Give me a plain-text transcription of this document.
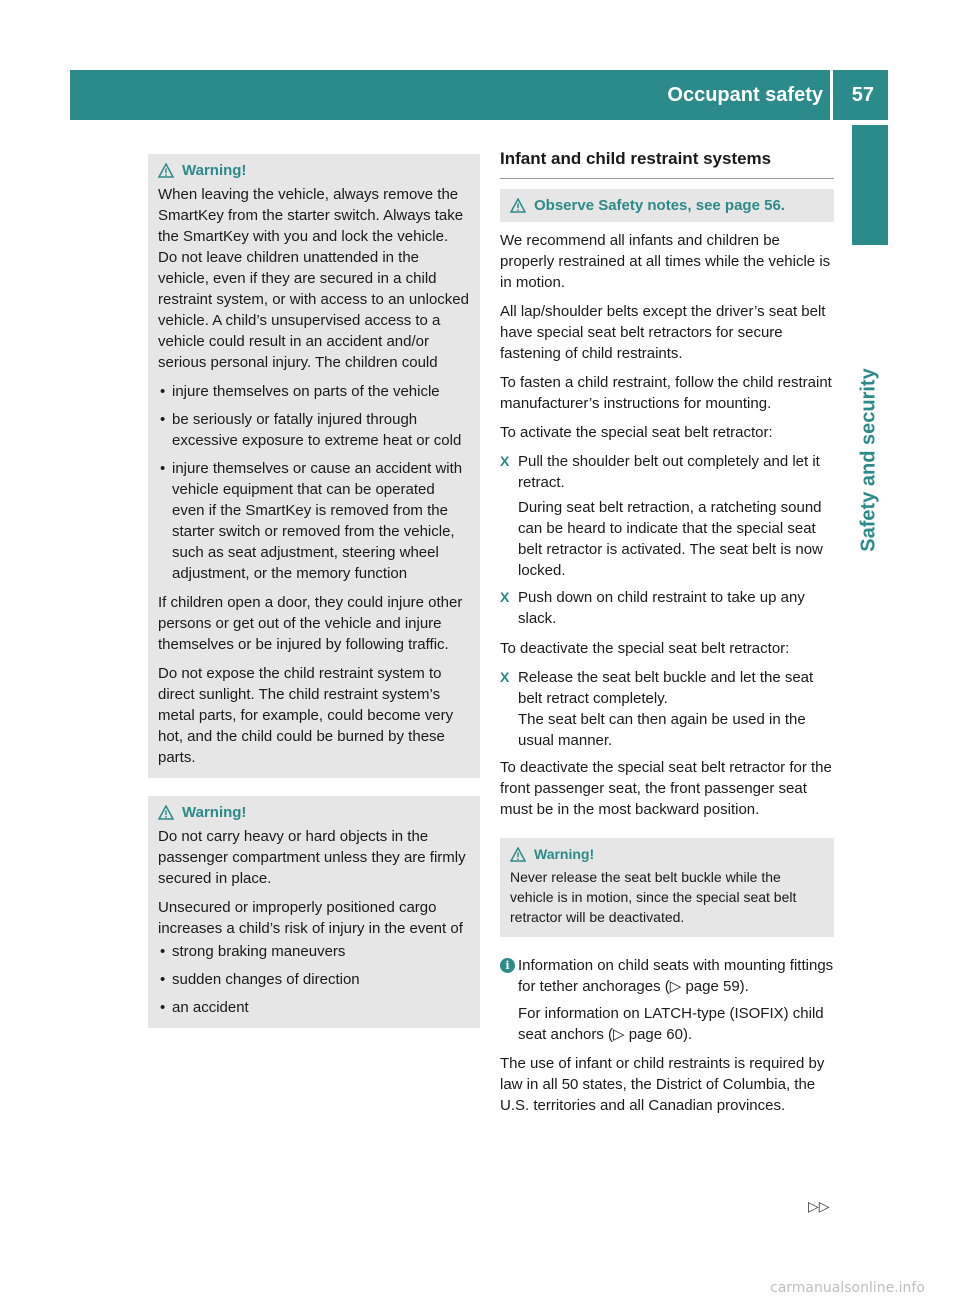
Occupant safety 57
Safety and security
Warning!

When leaving the vehicle, always remove the SmartKey from the starter switch. Always take the SmartKey with you and lock the vehicle. Do not leave children unattended in the vehicle, even if they are secured in a child restraint system, or with access to an unlocked vehicle. A child’s unsupervised access to a vehicle could result in an accident and/or serious personal injury. The children could

• injure themselves on parts of the vehicle
• be seriously or fatally injured through excessive exposure to extreme heat or cold
• injure themselves or cause an accident with vehicle equipment that can be operated even if the SmartKey is removed from the starter switch or removed from the vehicle, such as seat adjustment, steering wheel adjustment, or the memory function

If children open a door, they could injure other persons or get out of the vehicle and injure themselves or be injured by following traffic.

Do not expose the child restraint system to direct sunlight. The child restraint system’s metal parts, for example, could become very hot, and the child could be burned by these parts.

Warning!

Do not carry heavy or hard objects in the passenger compartment unless they are firmly secured in place.

Unsecured or improperly positioned cargo increases a child’s risk of injury in the event of

• strong braking maneuvers
• sudden changes of direction
• an accident
Infant and child restraint systems
Observe Safety notes, see page 56.

We recommend all infants and children be properly restrained at all times while the vehicle is in motion.

All lap/shoulder belts except the driver’s seat belt have special seat belt retractors for secure fastening of child restraints.

To fasten a child restraint, follow the child restraint manufacturer’s instructions for mounting.

To activate the special seat belt retractor:

X Pull the shoulder belt out completely and let it retract.

During seat belt retraction, a ratcheting sound can be heard to indicate that the special seat belt retractor is activated. The seat belt is now locked.

X Push down on child restraint to take up any slack.

To deactivate the special seat belt retractor:

X Release the seat belt buckle and let the seat belt retract completely.

The seat belt can then again be used in the usual manner.

To deactivate the special seat belt retractor for the front passenger seat, the front passenger seat must be in the most backward position.

Warning!

Never release the seat belt buckle while the vehicle is in motion, since the special seat belt retractor will be deactivated.

i Information on child seats with mounting fittings for tether anchorages (▷ page 59).

For information on LATCH-type (ISOFIX) child seat anchors (▷ page 60).

The use of infant or child restraints is required by law in all 50 states, the District of Columbia, the U.S. territories and all Canadian provinces.

▷▷
carmanualsonline.info
